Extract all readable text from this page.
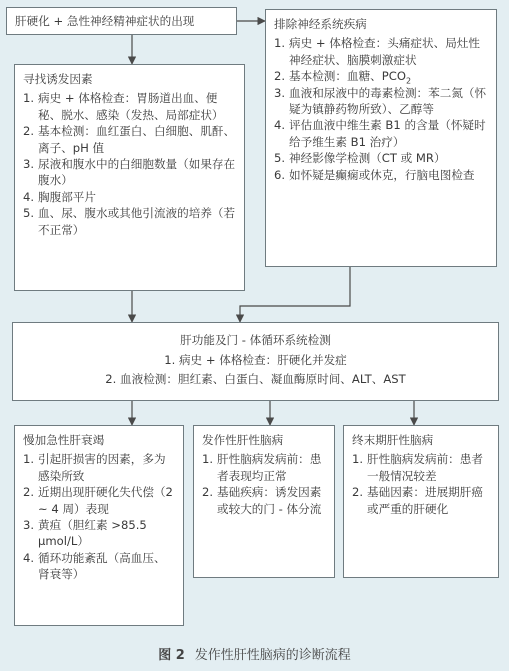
肝硬化 + 急性神经精神症状的出现
寻找诱发因素
1. 病史 + 体格检查：胃肠道出血、便秘、脱水、感染（发热、局部症状）
2. 基本检测：血红蛋白、白细胞、肌酐、离子、pH 值
3. 尿液和腹水中的白细胞数量（如果存在腹水）
4. 胸腹部平片
5. 血、尿、腹水或其他引流液的培养（若不正常）
排除神经系统疾病
1. 病史 + 体格检查：头痛症状、局灶性神经症状、脑膜刺激症状
2. 基本检测：血糖、$PCO_2$
3. 血液和尿液中的毒素检测：苯二氮（怀疑为镇静药物所致）、乙醇等
4. 评估血液中维生素 B1 的含量（怀疑时给予维生素 B1 治疗）
5. 神经影像学检测（CT 或 MR）
6. 如怀疑是癫痫或休克，行脑电图检查
肝功能及门 - 体循环系统检测
1. 病史 + 体格检查：肝硬化并发症
2. 血液检测：胆红素、白蛋白、凝血酶原时间、ALT、AST
慢加急性肝衰竭
1. 引起肝损害的因素，多为感染所致
2. 近期出现肝硬化失代偿（2 ~ 4 周）表现
3. 黄疸（胆红素 >85.5 μmol/L）
4. 循环功能紊乱（高血压、肾衰等）
发作性肝性脑病
1. 肝性脑病发病前：患者表现均正常
2. 基础疾病：诱发因素或较大的门 - 体分流
终末期肝性脑病
1. 肝性脑病发病前：患者一般情况较差
2. 基础因素：进展期肝癌或严重的肝硬化
图 2 发作性肝性脑病的诊断流程
